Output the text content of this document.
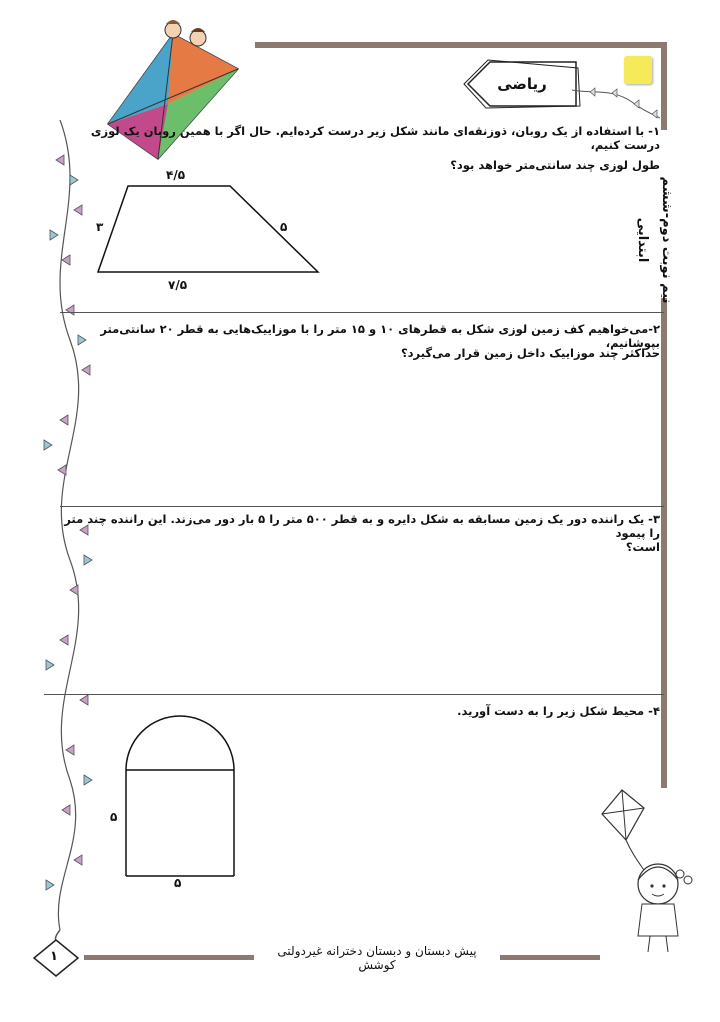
ریاضی
نیم نوبت دوم-ششم ابتدایی
۱- با استفاده از یک روبان، ذوزنقه‌ای مانند شکل زیر درست کرده‌ایم. حال اگر با همین روبان یک لوزی درست کنیم،
طول لوزی چند سانتی‌متر خواهد بود؟
۴/۵
۷/۵
۳	۵
۲-می‌خواهیم کف زمین لوزی شکل به قطرهای ۱۰ و ۱۵ متر را با موزاییک‌هایی به قطر ۲۰ سانتی‌متر بپوشانیم،
حداکثر چند موزاییک داخل زمین قرار می‌گیرد؟
۳- یک راننده دور یک زمین مسابقه به شکل دایره و به قطر ۵۰۰ متر را ۵ بار دور می‌زند. این راننده چند متر را پیمود
است؟
۴- محیط شکل زیر را به دست آورید.
۵
۵
۱	پیش دبستان و دبستان دخترانه غیردولتی کوشش
